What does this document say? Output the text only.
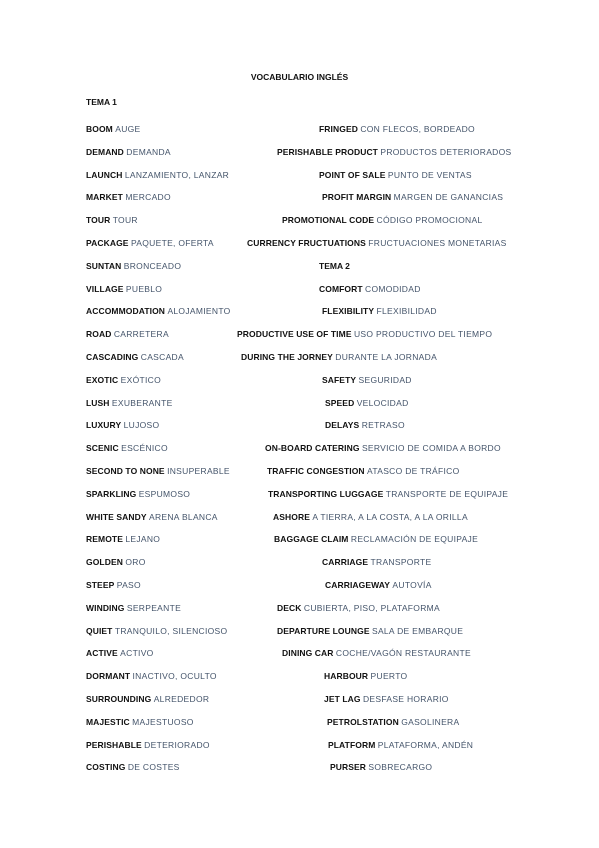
VOCABULARIO INGLÉS
TEMA 1
BOOM AUGE
DEMAND DEMANDA
LAUNCH LANZAMIENTO, LANZAR
MARKET MERCADO
TOUR TOUR
PACKAGE PAQUETE, OFERTA
SUNTAN BRONCEADO
VILLAGE PUEBLO
ACCOMMODATION ALOJAMIENTO
ROAD CARRETERA
CASCADING CASCADA
EXOTIC EXÓTICO
LUSH EXUBERANTE
LUXURY LUJOSO
SCENIC ESCÉNICO
SECOND TO NONE INSUPERABLE
SPARKLING ESPUMOSO
WHITE SANDY ARENA BLANCA
REMOTE LEJANO
GOLDEN ORO
STEEP PASO
WINDING SERPEANTE
QUIET TRANQUILO, SILENCIOSO
ACTIVE ACTIVO
DORMANT INACTIVO, OCULTO
SURROUNDING ALREDEDOR
MAJESTIC MAJESTUOSO
PERISHABLE DETERIORADO
COSTING DE COSTES
FRINGED CON FLECOS, BORDEADO
PERISHABLE PRODUCT PRODUCTOS DETERIORADOS
POINT OF SALE PUNTO DE VENTAS
PROFIT MARGIN MARGEN DE GANANCIAS
PROMOTIONAL CODE CÓDIGO PROMOCIONAL
CURRENCY FRUCTUATIONS FRUCTUACIONES MONETARIAS
TEMA 2
COMFORT COMODIDAD
FLEXIBILITY FLEXIBILIDAD
PRODUCTIVE USE OF TIME USO PRODUCTIVO DEL TIEMPO
DURING THE JORNEY DURANTE LA JORNADA
SAFETY SEGURIDAD
SPEED VELOCIDAD
DELAYS RETRASO
ON-BOARD CATERING SERVICIO DE COMIDA A BORDO
TRAFFIC CONGESTION ATASCO DE TRÁFICO
TRANSPORTING LUGGAGE TRANSPORTE DE EQUIPAJE
ASHORE A TIERRA, A LA COSTA, A LA ORILLA
BAGGAGE CLAIM RECLAMACIÓN DE EQUIPAJE
CARRIAGE TRANSPORTE
CARRIAGEWAY AUTOVÍA
DECK CUBIERTA, PISO, PLATAFORMA
DEPARTURE LOUNGE SALA DE EMBARQUE
DINING CAR COCHE/VAGÓN RESTAURANTE
HARBOUR PUERTO
JET LAG DESFASE HORARIO
PETROLSTATION GASOLINERA
PLATFORM PLATAFORMA, ANDÉN
PURSER SOBRECARGO
